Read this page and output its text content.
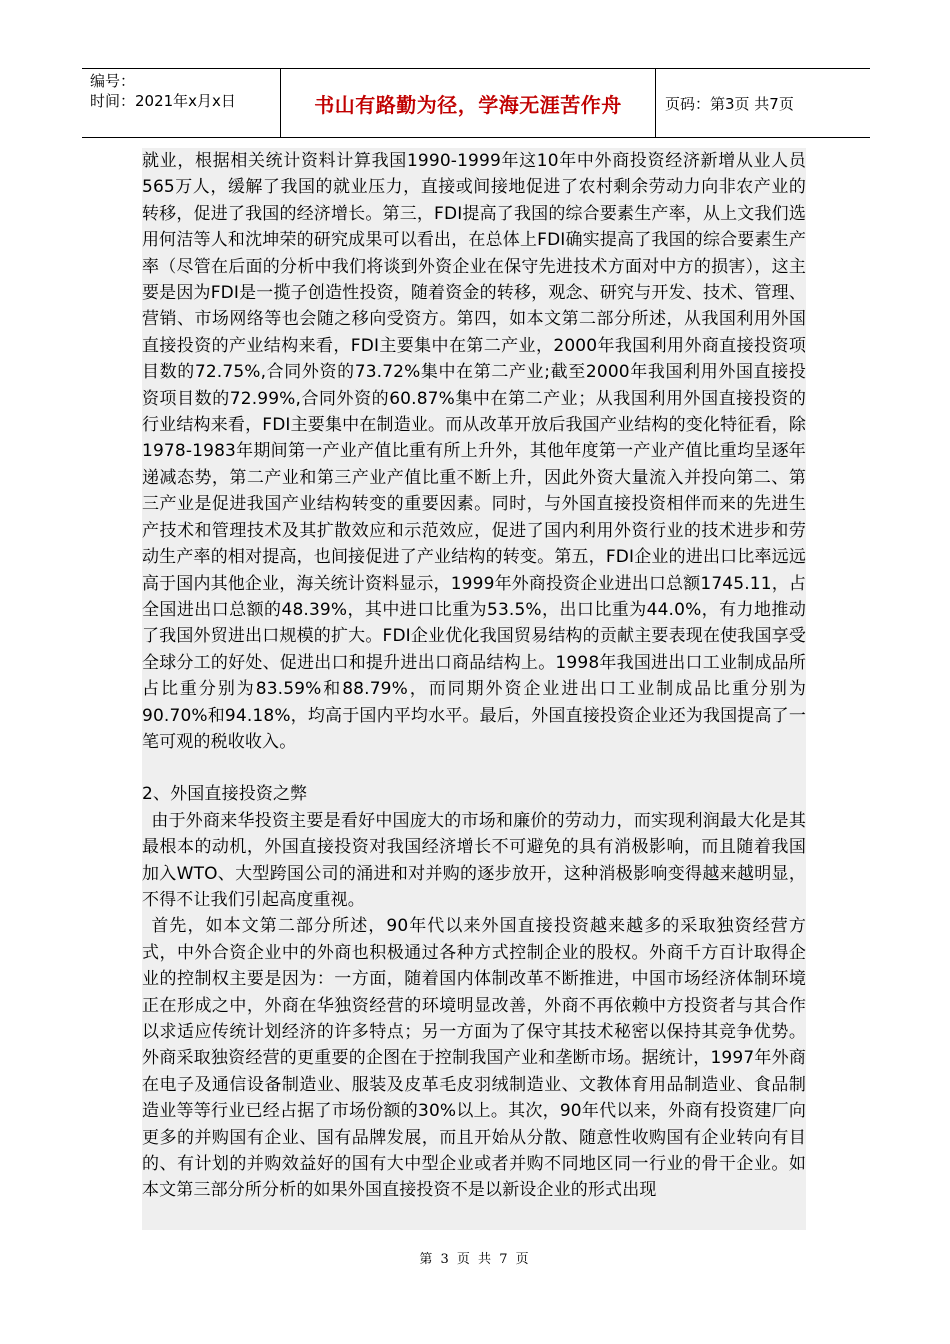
编号：
时间：2021年x月x日	书山有路勤为径，学海无涯苦作舟	页码：第3页 共7页

就业，根据相关统计资料计算我国1990-1999年这10年中外商投资经济新增从业人员565万人，缓解了我国的就业压力，直接或间接地促进了农村剩余劳动力向非农产业的转移，促进了我国的经济增长。第三，FDI提高了我国的综合要素生产率，从上文我们选用何洁等人和沈坤荣的研究成果可以看出，在总体上FDI确实提高了我国的综合要素生产率（尽管在后面的分析中我们将谈到外资企业在保守先进技术方面对中方的损害），这主要是因为FDI是一揽子创造性投资，随着资金的转移，观念、研究与开发、技术、管理、营销、市场网络等也会随之移向受资方。第四，如本文第二部分所述，从我国利用外国直接投资的产业结构来看，FDI主要集中在第二产业，2000年我国利用外商直接投资项目数的72.75%,合同外资的73.72%集中在第二产业;截至2000年我国利用外国直接投资项目数的72.99%,合同外资的60.87%集中在第二产业；从我国利用外国直接投资的行业结构来看，FDI主要集中在制造业。而从改革开放后我国产业结构的变化特征看，除1978-1983年期间第一产业产值比重有所上升外，其他年度第一产业产值比重均呈逐年递减态势，第二产业和第三产业产值比重不断上升，因此外资大量流入并投向第二、第三产业是促进我国产业结构转变的重要因素。同时，与外国直接投资相伴而来的先进生产技术和管理技术及其扩散效应和示范效应，促进了国内利用外资行业的技术进步和劳动生产率的相对提高，也间接促进了产业结构的转变。第五，FDI企业的进出口比率远远高于国内其他企业，海关统计资料显示，1999年外商投资企业进出口总额1745.11，占全国进出口总额的48.39%，其中进口比重为53.5%，出口比重为44.0%，有力地推动了我国外贸进出口规模的扩大。FDI企业优化我国贸易结构的贡献主要表现在使我国享受全球分工的好处、促进出口和提升进出口商品结构上。1998年我国进出口工业制成品所占比重分别为83.59%和88.79%，而同期外资企业进出口工业制成品比重分别为90.70%和94.18%，均高于国内平均水平。最后，外国直接投资企业还为我国提高了一笔可观的税收收入。

2、外国直接投资之弊

由于外商来华投资主要是看好中国庞大的市场和廉价的劳动力，而实现利润最大化是其最根本的动机，外国直接投资对我国经济增长不可避免的具有消极影响，而且随着我国加入WTO、大型跨国公司的涌进和对并购的逐步放开，这种消极影响变得越来越明显，不得不让我们引起高度重视。

首先，如本文第二部分所述，90年代以来外国直接投资越来越多的采取独资经营方式，中外合资企业中的外商也积极通过各种方式控制企业的股权。外商千方百计取得企业的控制权主要是因为：一方面，随着国内体制改革不断推进，中国市场经济体制环境正在形成之中，外商在华独资经营的环境明显改善，外商不再依赖中方投资者与其合作以求适应传统计划经济的许多特点；另一方面为了保守其技术秘密以保持其竞争优势。外商采取独资经营的更重要的企图在于控制我国产业和垄断市场。据统计，1997年外商在电子及通信设备制造业、服装及皮革毛皮羽绒制造业、文教体育用品制造业、食品制造业等等行业已经占据了市场份额的30%以上。其次，90年代以来，外商有投资建厂向更多的并购国有企业、国有品牌发展，而且开始从分散、随意性收购国有企业转向有目的、有计划的并购效益好的国有大中型企业或者并购不同地区同一行业的骨干企业。如本文第三部分所分析的如果外国直接投资不是以新设企业的形式出现

第 3 页 共 7 页
